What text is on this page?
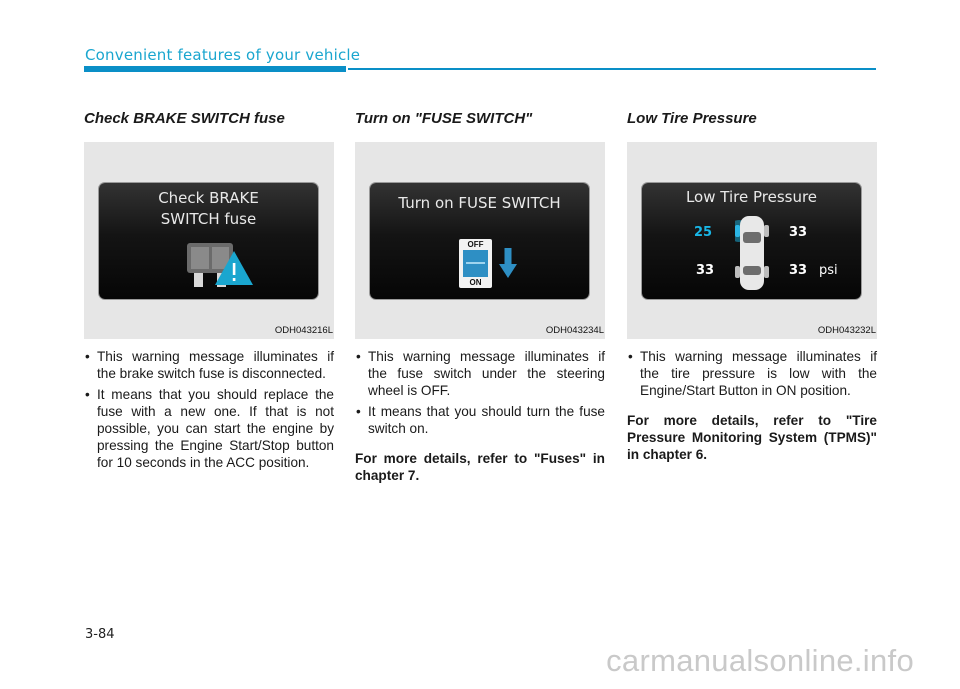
Convenient features of your vehicle
Check BRAKE SWITCH fuse
Check BRAKE
SWITCH fuse
ODH043216L
• This warning message illuminates if the brake switch fuse is disconnected.
• It means that you should replace the fuse with a new one. If that is not possible, you can start the engine by pressing the Engine Start/Stop button for 10 seconds in the ACC position.
Turn on "FUSE SWITCH"
Turn on FUSE SWITCH
OFF
ON
ODH043234L
• This warning message illuminates if the fuse switch under the steering wheel is OFF.
• It means that you should turn the fuse switch on.
For more details, refer to "Fuses" in chapter 7.
Low Tire Pressure
Low Tire Pressure
25	33
33	33 psi
ODH043232L
• This warning message illuminates if the tire pressure is low with the Engine/Start Button in ON position.
For more details, refer to "Tire Pressure Monitoring System (TPMS)" in chapter 6.
3-84
carmanualsonline.info
